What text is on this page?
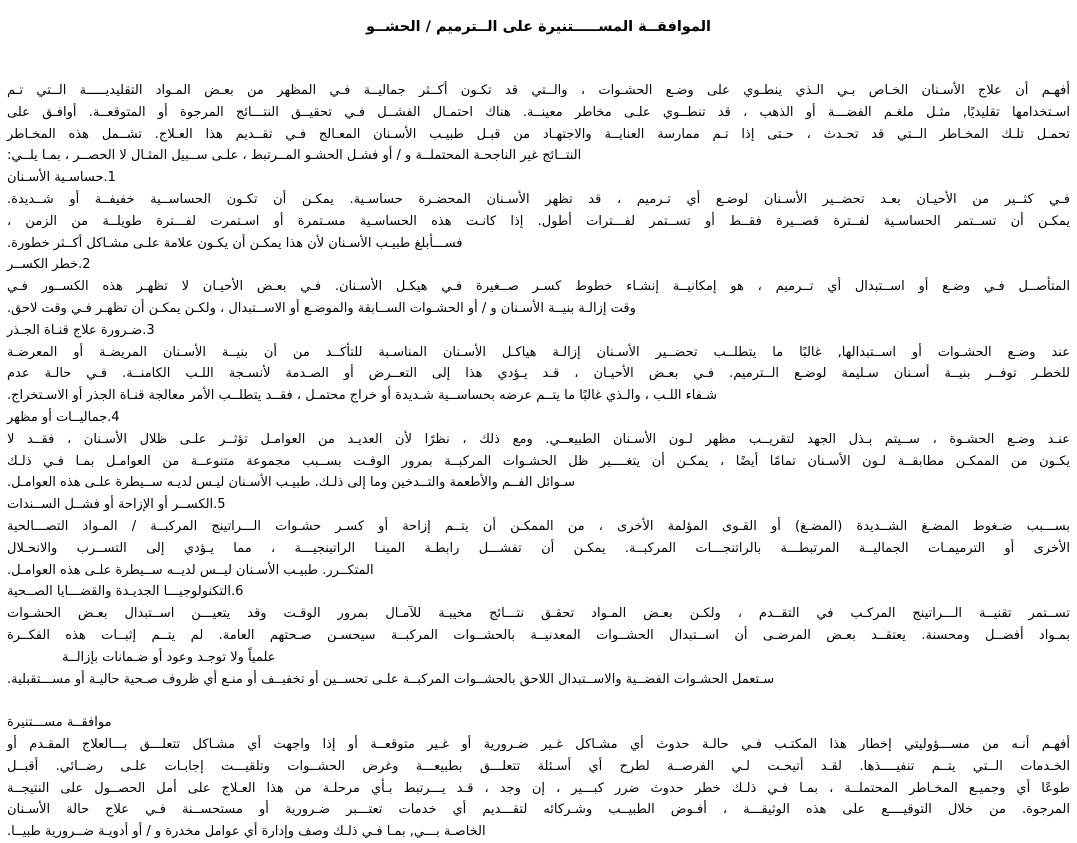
الموافقــة المســـــتنيرة على الــترميم / الحشــو
أفهـم أن علاج الأسـنان الخـاص بـي الـذي ينطـوي على وضـع الحشـوات ، والــتي قد تكـون أكــثر جماليــة فـي المظهر من بعـض المـواد التقليديـــــة الــتي تـم
اسـتخدامها تقليديًا, مثـل ملغـم الفضـــة أو الذهب ، قد تنطــوي علـى مخاطر معينــة. هناك احتمـال الفشــل فـي تحقيــق النتـــائج المرجوة أو المتوقعــة. أوافـق على
تحمـل تلـك المخـاطر الــتي قد تحـدث ، حـتى إذا تـم ممارسة العنايــة والاجتهـاد من قبـل طبيـب الأسـنان المعـالج فـي تقــديم هذا العـلاج. تشــمل هذه المخـاطر
النتــائج غير الناجحـة المحتملــة و / أو فشـل الحشـو المــرتبط ، علـى ســبيل المثـال لا الحصــر ، بمـا يلــي:
1.حساسـية الأسـنان
فـي كثــير من الأحيـان بعـد تحضــير الأسـنان لوضـع أي تـرميم ، قد تظهر الأسـنان المحضـرة حساسـية. يمكـن أن تكـون الحساســية خفيفــة أو شــديدة.
يمكـن أن تســتمر الحساسـية لفــترة قصــيرة فقــط أو تســتمر لفـــترات أطول. إذا كانـت هذه الحساسـية مسـتمرة أو اسـتمرت لفـــترة طويلــة من الزمن ،
فســـأبلغ طبيـب الأسـنان لأن هذا يمكـن أن يكـون علامة علـى مشـاكل أكــثر خطورة.
2.خطر الكســر
المتأصــل فـي وضـع أو اســتبدال أي تــرميم ، هو إمكانيــة إنشـاء خطوط كسـر صــغيرة فـي هيكـل الأسـنان. فـي بعـض الأحيـان لا تظهـر هذه الكســور فـي
وقت إزالـة بنيــة الأسـنان و / أو الحشـوات الســابقة والموضـع أو الاســتبدال ، ولكـن يمكـن أن تظهـر فـي وقت لاحق.
3.ضـرورة علاج قنـاة الجـذر
عند وضـع الحشـوات أو اســتبدالها, غالبًا ما يتطلــب تحضــير الأسـنان إزالـة هياكـل الأسـنان المناسـبة للتأكــد من أن بنيــة الأسـنان المريضـة أو المعرضـة
للخطـر توفــر بنيــة أسـنان سـليمة لوضـع الــترميم. فـي بعـض الأحيـان ، قـد يـؤدي هذا إلى التعــرض أو الصـدمة لأنسـجة اللـب الكامنــة. فـي حالـة عدم
شـفاء اللـب ، والـذي غالبًا ما يتــم عرضه بحساســية شـديدة أو خراج محتمـل ، فقــد يتطلــب الأمر معالجة قنـاة الجذر أو الاسـتخراج.
4.جماليــات أو مظهر
عنـد وضـع الحشـوة ، ســيتم بـذل الجهد لتقريــب مظهر لـون الأسـنان الطبيعــي. ومع ذلك ، نظرًا لأن العديـد من العوامـل تؤثــر علـى ظلال الأسـنان ، فقــد لا
يكـون من الممكـن مطابقــة لـون الأسـنان تمامًا أيضًا ، يمكـن أن يتغــــير ظل الحشـوات المركبــة بمرور الوقـت بســبب مجموعة متنوعــة من العوامـل بمـا فـي ذلـك
سـوائل الفــم والأطعمة والتــدخين وما إلى ذلـك. طبيـب الأسـنان ليـس لديـه ســيطرة علـى هذه العوامـل.
5.الكســر أو الإزاحة أو فشــل الســندات
بســـبب ضـغوط المضـغ الشــديدة (المضـغ) أو القـوى المؤلمة الأخرى ، من الممكـن أن يتــم إزاحة أو كسـر حشـوات الـــراتينج المركبــة / المـواد التصـــالحية
الأخرى أو الترميمـات الجماليــة المرتبطـــة بالراتنجـــات المركبــة. يمكـن أن تفشـــل رابطـة المينـا الراتينجيـــة ، مما يـؤدي إلى التســرب والانحـلال
المتكــرر. طبيـب الأسـنان ليــس لديــه ســيطرة علـى هذه العوامـل.
6.التكنولوجيـــا الجديـدة والقضـــايا الصــحية
تســتمر تقنيــة الـــراتينج المركـب في التقــدم ، ولكـن بعـض المـواد تحقـق نتـــائج مخيبـة للآمـال بمرور الوقـت وقد يتعيـــن اســتبدال بعـض الحشـوات
بمـواد أفضــل ومحسنة. يعتقــد بعـض المرضـى أن اســتبدال الحشــوات المعدنيــة بالحشــوات المركبــة سيحسـن صـحتهم العامة. لم يتــم إثبــات هذه الفكــرة
علمياً ولا توجـد وعود أو ضـمانات بإزالــة
سـتعمل الحشـوات الفضــية والاســتبدال اللاحق بالحشــوات المركبــة علـى تحســين أو تخفيــف أو منـع أي ظروف صـحية حاليـة أو مســـتقبلية.
موافقــة مســـتنيرة
أفهـم أنـه من مســـؤوليتي إخطار هذا المكتـب فـي حالـة حدوث أي مشـاكل غـير ضـرورية أو غـير متوقعــة أو إذا واجهت أي مشـاكل تتعلـــق بـــالعلاج المقـدم أو
الخـدمات الــتي يتــم تنفيــــذها. لقـد أتيحـت لـي الفرصــة لطرح أي أسـئلة تتعلـــق بطبيعـــة وغرض الحشــوات وتلقيـــت إجابـات علـى رضــائي. أقبــل
طوعًا أي وجميـع المخـاطر المحتملــة ، بمـا فـي ذلـك خطر حدوث ضرر كبـــير ، إن وجد ، قـد يـــرتبط بـأي مرحلـة من هذا العـلاج على أمل الحصــول على النتيجــة
المرجوة. من خلال التوقيــــع على هذه الوثيقـــة ، أفـوض الطبيــب وشـركائه لتقـــديم أي خدمات تعتـــبر ضـرورية أو مستحســنة فـي علاج حالة الأسـنان
الخاصـة بـــي, بمـا فـي ذلـك وصف وإدارة أي عوامل مخدرة و / أو أدويـة ضــرورية طبيــا.
